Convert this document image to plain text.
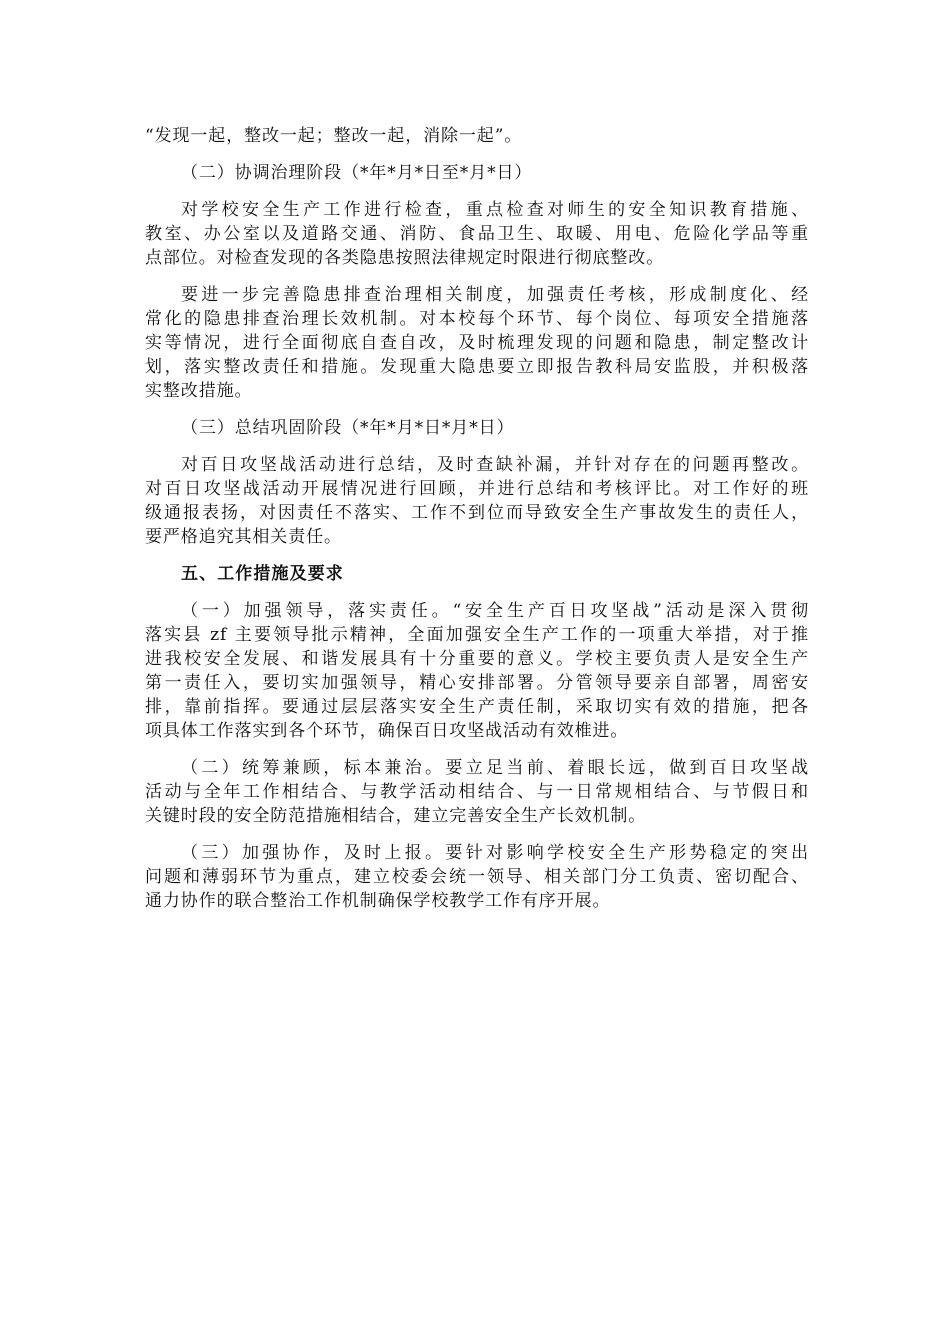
“发现一起，整改一起；整改一起，消除一起”。
（二）协调治理阶段（*年*月*日至*月*日）
对学校安全生产工作进行检查，重点检查对师生的安全知识教育措施、
教室、办公室以及道路交通、消防、食品卫生、取暖、用电、危险化学品等重
点部位。对检查发现的各类隐患按照法律规定时限进行彻底整改。
要进一步完善隐患排查治理相关制度，加强责任考核，形成制度化、经
常化的隐患排查治理长效机制。对本校每个环节、每个岗位、每项安全措施落
实等情况，进行全面彻底自查自改，及时梳理发现的问题和隐患，制定整改计
划，落实整改责任和措施。发现重大隐患要立即报告教科局安监股，并积极落
实整改措施。
（三）总结巩固阶段（*年*月*日*月*日）
对百日攻坚战活动进行总结，及时查缺补漏，并针对存在的问题再整改。
对百日攻坚战活动开展情况进行回顾，并进行总结和考核评比。对工作好的班
级通报表扬，对因责任不落实、工作不到位而导致安全生产事故发生的责任人，
要严格追究其相关责任。
五、工作措施及要求
（一）加强领导，落实责任。“安全生产百日攻坚战”活动是深入贯彻
落实县 zf 主要领导批示精神，全面加强安全生产工作的一项重大举措，对于推
进我校安全发展、和谐发展具有十分重要的意义。学校主要负责人是安全生产
第一责任入，要切实加强领导，精心安排部署。分管领导要亲自部署，周密安
排，靠前指挥。要通过层层落实安全生产责任制，采取切实有效的措施，把各
项具体工作落实到各个环节，确保百日攻坚战活动有效椎进。
（二）统筹兼顾，标本兼治。要立足当前、着眼长远，做到百日攻坚战
活动与全年工作相结合、与教学活动相结合、与一日常规相结合、与节假日和
关键时段的安全防范措施相结合，建立完善安全生产长效机制。
（三）加强协作，及时上报。要针对影响学校安全生产形势稳定的突出
问题和薄弱环节为重点，建立校委会统一领导、相关部门分工负责、密切配合、
通力协作的联合整治工作机制确保学校教学工作有序开展。
